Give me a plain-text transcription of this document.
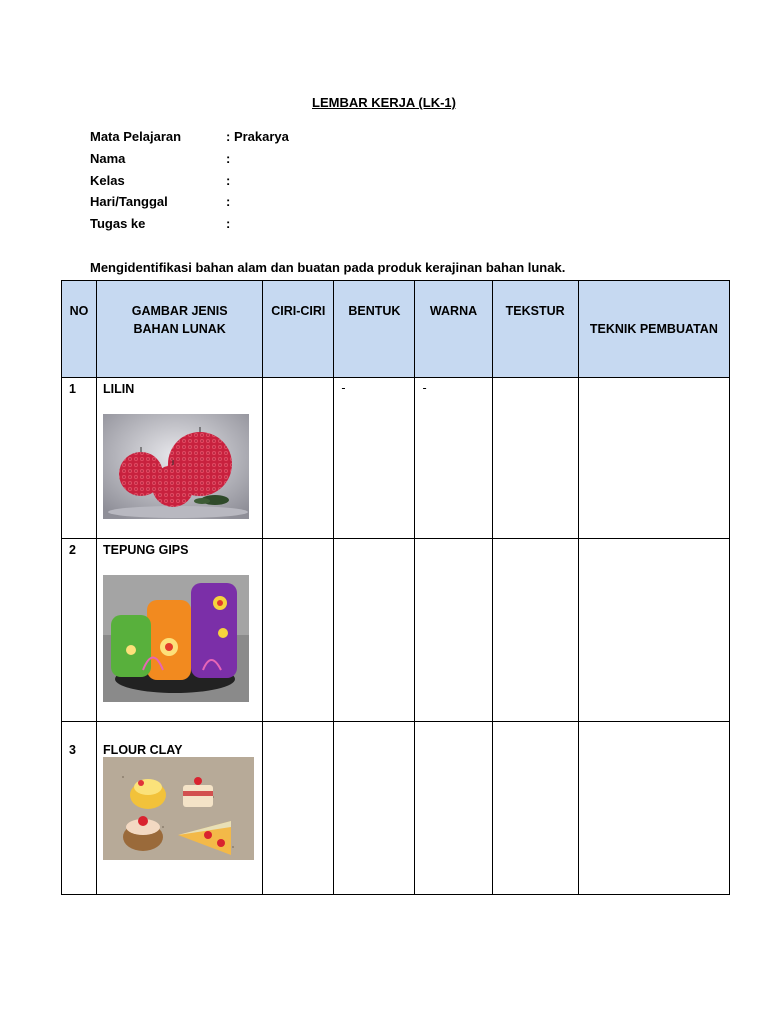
LEMBAR KERJA (LK-1)
Mata Pelajaran	: Prakarya
Nama	:
Kelas	:
Hari/Tanggal	:
Tugas ke	:
Mengidentifikasi bahan alam dan buatan pada produk kerajinan bahan lunak.
NO	GAMBAR JENIS BAHAN LUNAK	CIRI-CIRI	BENTUK	WARNA	TEKSTUR	TEKNIK PEMBUATAN

1	LILIN		-	-		

2	TEPUNG GIPS					

3	FLOUR CLAY					
